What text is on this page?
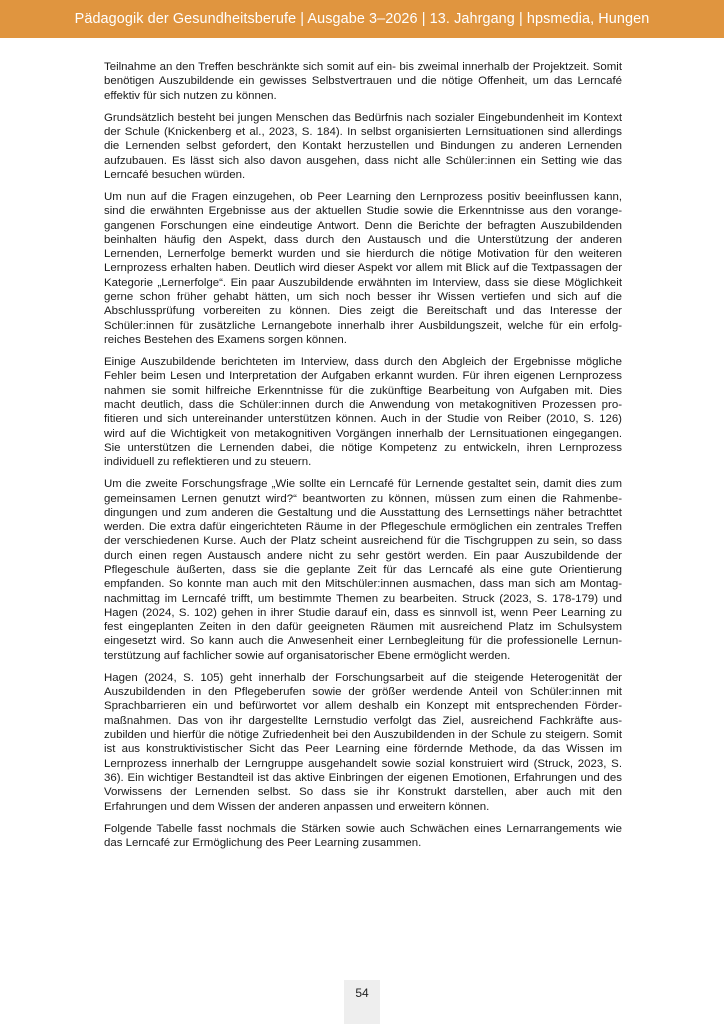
Pädagogik der Gesundheitsberufe | Ausgabe 3–2026 | 13. Jahrgang | hpsmedia, Hungen

Teilnahme an den Treffen beschränkte sich somit auf ein- bis zweimal innerhalb der Projektzeit. Somit benötigen Auszubildende ein gewisses Selbstvertrauen und die nötige Offenheit, um das Lerncafé effektiv für sich nutzen zu können.

Grundsätzlich besteht bei jungen Menschen das Bedürfnis nach sozialer Eingebundenheit im Kontext der Schule (Knickenberg et al., 2023, S. 184). In selbst organisierten Lernsituationen sind allerdings die Lernenden selbst gefordert, den Kontakt herzustellen und Bindungen zu anderen Lernenden aufzubauen. Es lässt sich also davon ausgehen, dass nicht alle Schüler:innen ein Setting wie das Lerncafé besuchen würden.

Um nun auf die Fragen einzugehen, ob Peer Learning den Lernprozess positiv beeinflussen kann, sind die erwähnten Ergebnisse aus der aktuellen Studie sowie die Erkenntnisse aus den vorangegangenen Forschungen eine eindeutige Antwort. Denn die Berichte der befragten Auszubildenden beinhalten häufig den Aspekt, dass durch den Austausch und die Unterstützung der anderen Lernenden, Lernerfolge bemerkt wurden und sie hierdurch die nötige Motivation für den weiteren Lernprozess erhalten haben. Deutlich wird dieser Aspekt vor allem mit Blick auf die Textpassagen der Kategorie „Lernerfolge“. Ein paar Auszubildende erwähnten im Interview, dass sie diese Möglichkeit gerne schon früher gehabt hätten, um sich noch besser ihr Wissen vertiefen und sich auf die Abschlussprüfung vorbereiten zu können. Dies zeigt die Bereitschaft und das Interesse der Schüler:innen für zusätzliche Lernangebote innerhalb ihrer Ausbildungszeit, welche für ein erfolgreiches Bestehen des Examens sorgen können.

Einige Auszubildende berichteten im Interview, dass durch den Abgleich der Ergebnisse mögliche Fehler beim Lesen und Interpretation der Aufgaben erkannt wurden. Für ihren eigenen Lernprozess nahmen sie somit hilfreiche Erkenntnisse für die zukünftige Bearbeitung von Aufgaben mit. Dies macht deutlich, dass die Schüler:innen durch die Anwendung von metakognitiven Prozessen profitieren und sich untereinander unterstützen können. Auch in der Studie von Reiber (2010, S. 126) wird auf die Wichtigkeit von metakognitiven Vorgängen innerhalb der Lernsituationen eingegangen. Sie unterstützen die Lernenden dabei, die nötige Kompetenz zu entwickeln, ihren Lernprozess individuell zu reflektieren und zu steuern.

Um die zweite Forschungsfrage „Wie sollte ein Lerncafé für Lernende gestaltet sein, damit dies zum gemeinsamen Lernen genutzt wird?“ beantworten zu können, müssen zum einen die Rahmenbedingungen und zum anderen die Gestaltung und die Ausstattung des Lernsettings näher betrachttet werden. Die extra dafür eingerichteten Räume in der Pflegeschule ermöglichen ein zentrales Treffen der verschiedenen Kurse. Auch der Platz scheint ausreichend für die Tischgruppen zu sein, so dass durch einen regen Austausch andere nicht zu sehr gestört werden. Ein paar Auszubildende der Pflegeschule äußerten, dass sie die geplante Zeit für das Lerncafé als eine gute Orientierung empfanden. So konnte man auch mit den Mitschüler:innen ausmachen, dass man sich am Montagnachmittag im Lerncafé trifft, um bestimmte Themen zu bearbeiten. Struck (2023, S. 178-179) und Hagen (2024, S. 102) gehen in ihrer Studie darauf ein, dass es sinnvoll ist, wenn Peer Learning zu fest eingeplanten Zeiten in den dafür geeigneten Räumen mit ausreichend Platz im Schulsystem eingesetzt wird. So kann auch die Anwesenheit einer Lernbegleitung für die professionelle Lernunterstützung auf fachlicher sowie auf organisatorischer Ebene ermöglicht werden.

Hagen (2024, S. 105) geht innerhalb der Forschungsarbeit auf die steigende Heterogenität der Auszubildenden in den Pflegeberufen sowie der größer werdende Anteil von Schüler:innen mit Sprachbarrieren ein und befürwortet vor allem deshalb ein Konzept mit entsprechenden Fördermaßnahmen. Das von ihr dargestellte Lernstudio verfolgt das Ziel, ausreichend Fachkräfte auszubilden und hierfür die nötige Zufriedenheit bei den Auszubildenden in der Schule zu steigern. Somit ist aus konstruktivistischer Sicht das Peer Learning eine fördernde Methode, da das Wissen im Lernprozess innerhalb der Lerngruppe ausgehandelt sowie sozial konstruiert wird (Struck, 2023, S. 36). Ein wichtiger Bestandteil ist das aktive Einbringen der eigenen Emotionen, Erfahrungen und des Vorwissens der Lernenden selbst. So dass sie ihr Konstrukt darstellen, aber auch mit den Erfahrungen und dem Wissen der anderen anpassen und erweitern können.

Folgende Tabelle fasst nochmals die Stärken sowie auch Schwächen eines Lernarrangements wie das Lerncafé zur Ermöglichung des Peer Learning zusammen.

54
